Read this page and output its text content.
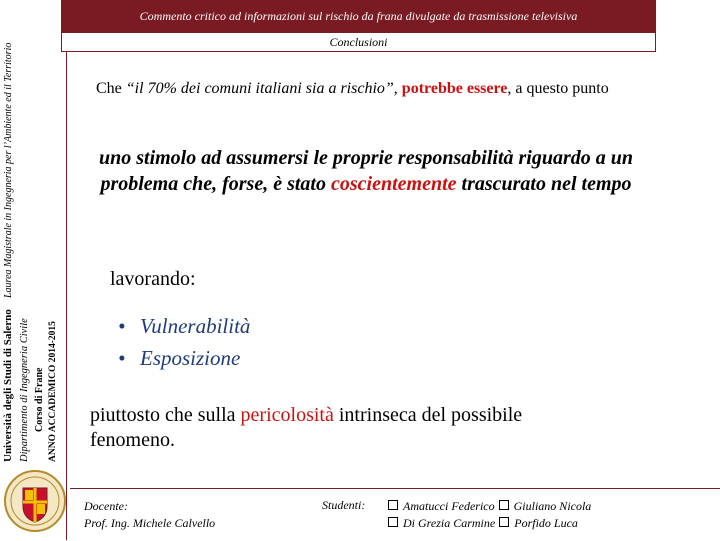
Università degli Studi di Salerno Dipartimento di Ingegneria Civile Corso di Frane ANNO ACCADEMICO 2014-2015
Laurea Magistrale in Ingegneria per l’Ambiente ed il Territorio
Commento critico ad informazioni sul rischio da frana divulgate da trasmissione televisiva
Conclusioni
Che “il 70% dei comuni italiani sia a rischio”, potrebbe essere, a questo punto
uno stimolo ad assumersi le proprie responsabilità riguardo a un problema che, forse, è stato coscientemente trascurato nel tempo
lavorando:
• Vulnerabilità
• Esposizione
piuttosto che sulla pericolosità intrinseca del possibile fenomeno.
Docente:
Prof. Ing. Michele Calvello
Studenti:	Amatucci Federico Giuliano Nicola
Di Grezia Carmine Porfido Luca
